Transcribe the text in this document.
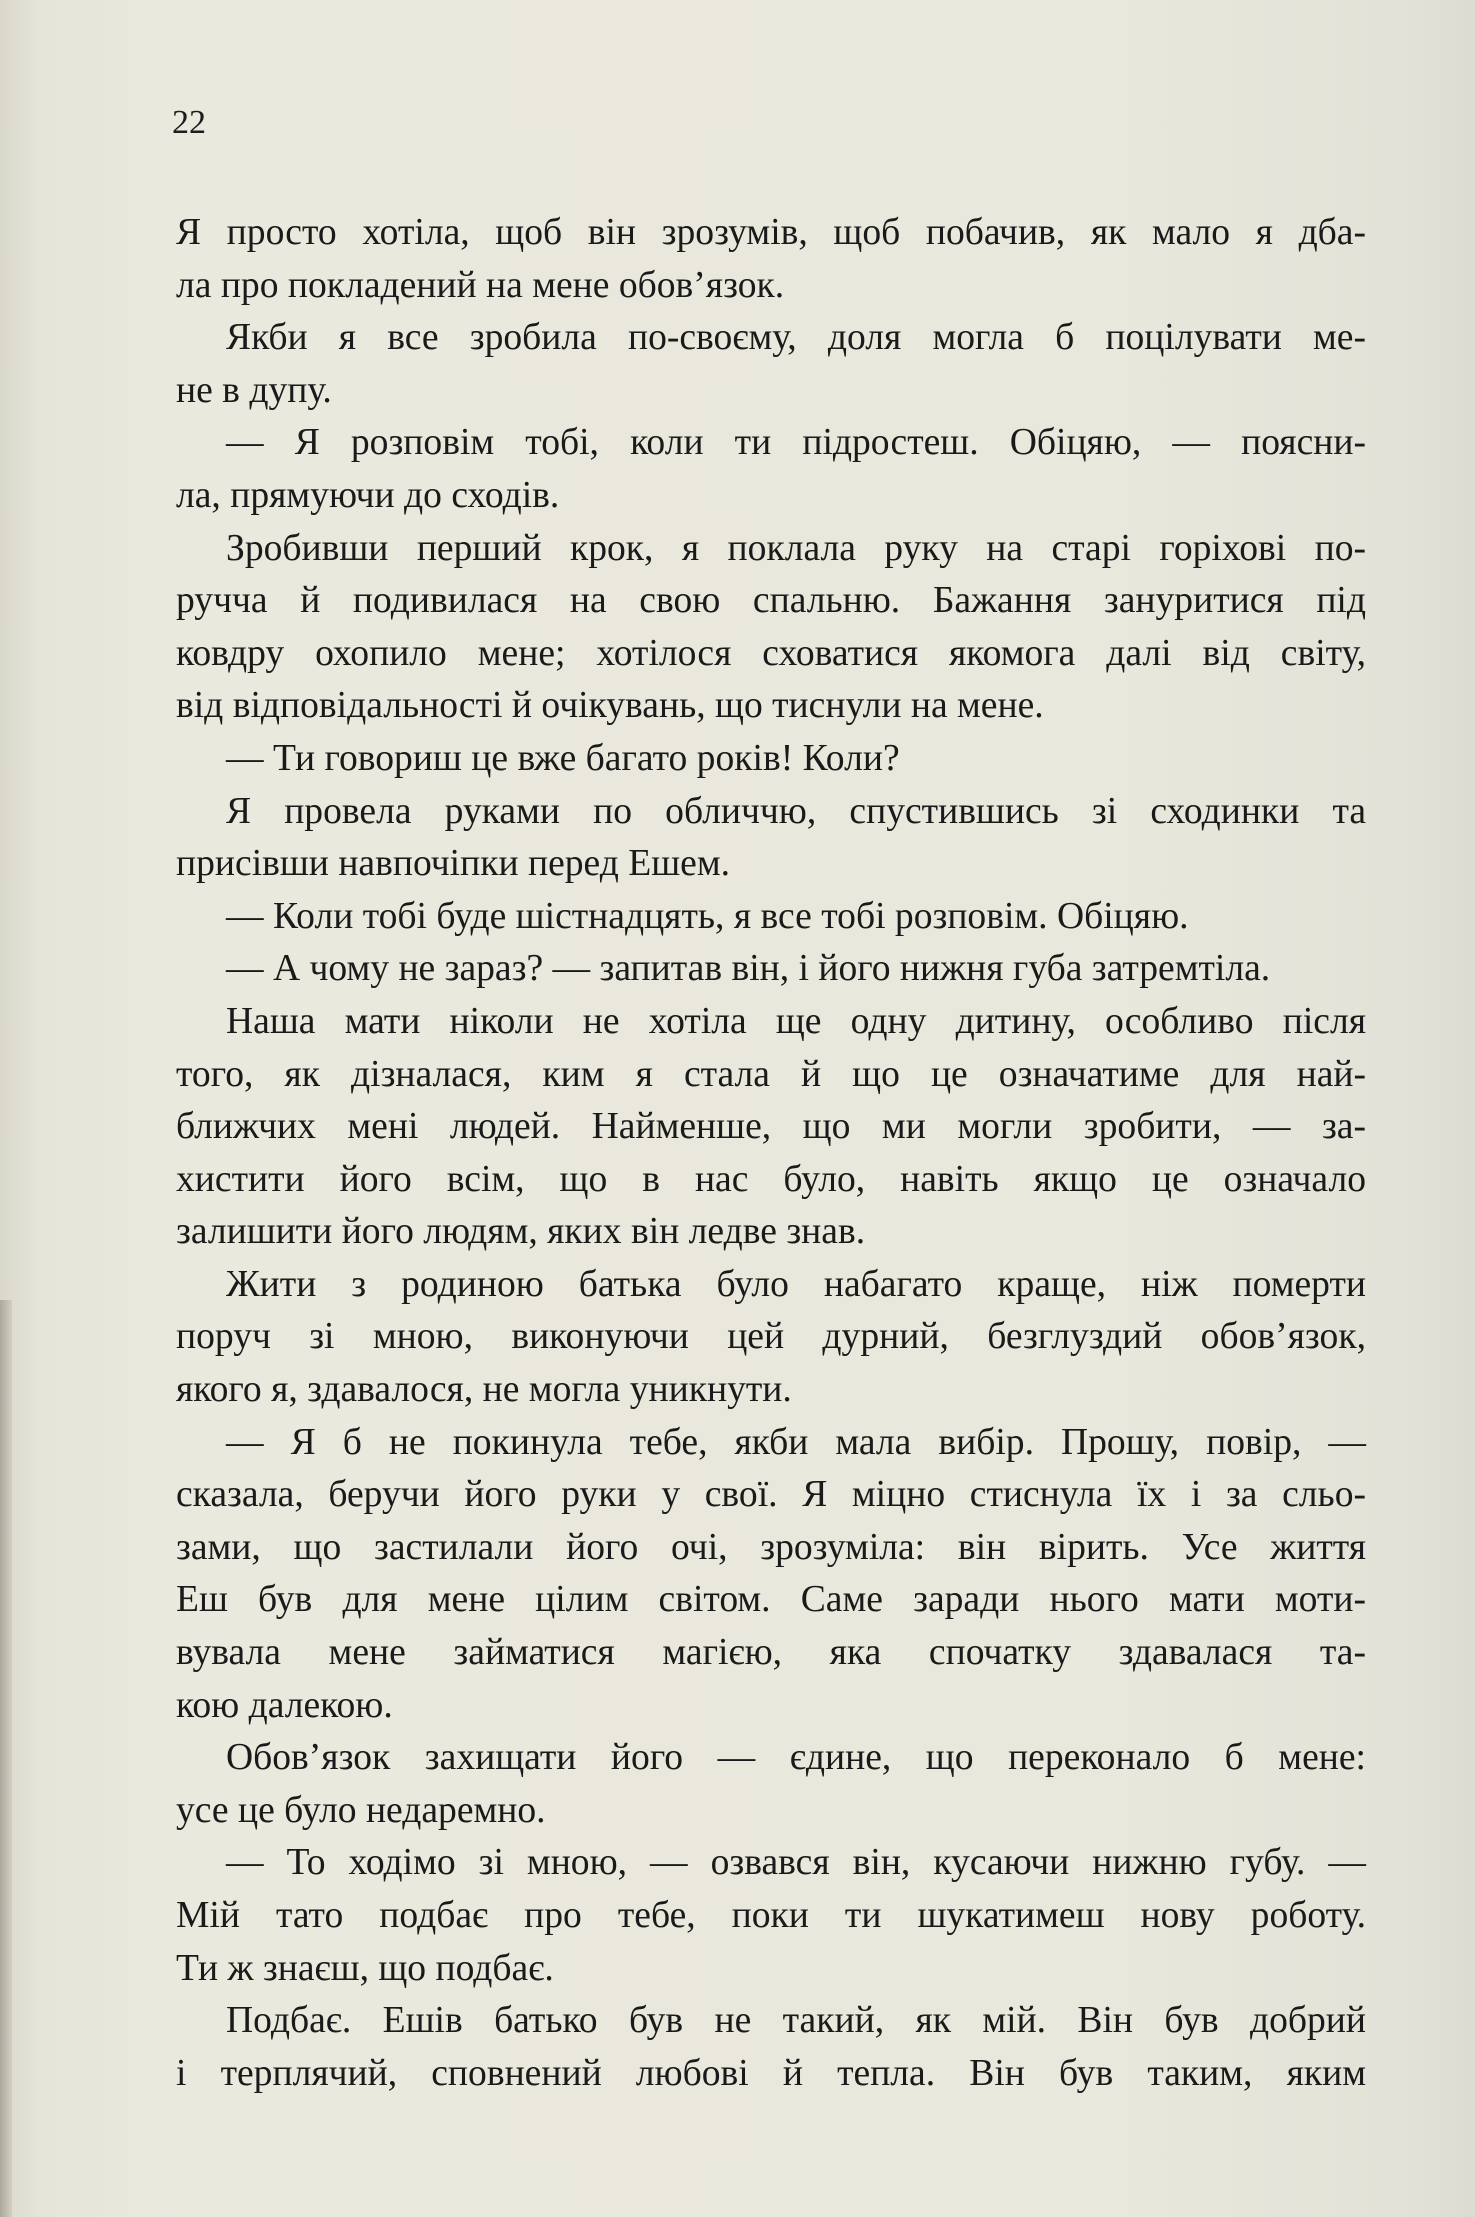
22
Я просто хотіла, щоб він зрозумів, щоб побачив, як мало я дба-
ла про покладений на мене обов’язок.
Якби я все зробила по-своєму, доля могла б поцілувати ме-
не в дупу.
— Я розповім тобі, коли ти підростеш. Обіцяю, — поясни-
ла, прямуючи до сходів.
Зробивши перший крок, я поклала руку на старі горіхові по-
ручча й подивилася на свою спальню. Бажання зануритися під
ковдру охопило мене; хотілося сховатися якомога далі від світу,
від відповідальності й очікувань, що тиснули на мене.
— Ти говориш це вже багато років! Коли?
Я провела руками по обличчю, спустившись зі сходинки та
присівши навпочіпки перед Ешем.
— Коли тобі буде шістнадцять, я все тобі розповім. Обіцяю.
— А чому не зараз? — запитав він, і його нижня губа затремтіла.
Наша мати ніколи не хотіла ще одну дитину, особливо після
того, як дізналася, ким я стала й що це означатиме для най-
ближчих мені людей. Найменше, що ми могли зробити, — за-
хистити його всім, що в нас було, навіть якщо це означало
залишити його людям, яких він ледве знав.
Жити з родиною батька було набагато краще, ніж померти
поруч зі мною, виконуючи цей дурний, безглуздий обов’язок,
якого я, здавалося, не могла уникнути.
— Я б не покинула тебе, якби мала вибір. Прошу, повір, —
сказала, беручи його руки у свої. Я міцно стиснула їх і за сльо-
зами, що застилали його очі, зрозуміла: він вірить. Усе життя
Еш був для мене цілим світом. Саме заради нього мати моти-
вувала мене займатися магією, яка спочатку здавалася та-
кою далекою.
Обов’язок захищати його — єдине, що переконало б мене:
усе це було недаремно.
— То ходімо зі мною, — озвався він, кусаючи нижню губу. —
Мій тато подбає про тебе, поки ти шукатимеш нову роботу.
Ти ж знаєш, що подбає.
Подбає. Ешів батько був не такий, як мій. Він був добрий
і терплячий, сповнений любові й тепла. Він був таким, яким
